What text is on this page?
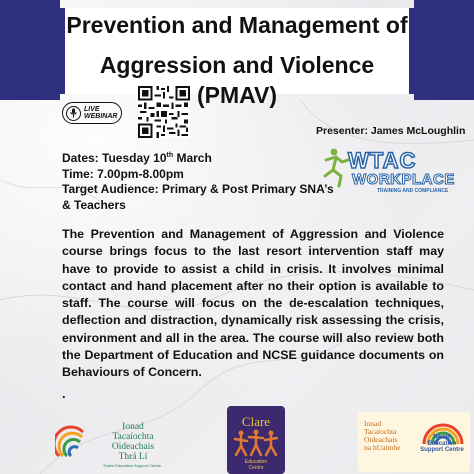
Prevention and Management of
Aggression and Violence (PMAV)
LIVE
WEBINAR
Presenter: James McLoughlin
Dates: Tuesday 10th March
Time: 7.00pm-8.00pm
Target Audience: Primary & Post Primary SNA’s
& Teachers
WTAC
WORKPLACE
TRAINING AND COMPLIANCE

The Prevention and Management of Aggression and Violence course brings focus to the last resort intervention staff may have to provide to assist a child in crisis. It involves minimal contact and hand placement after no their option is available to staff. The course will focus on the de-escalation techniques, deflection and distraction, dynamically risk assessing the crisis, environment and all in the area. The course will also review both the Department of Education and NCSE guidance documents on Behaviours of Concern.

.
Ionad
Tacaíochta
Oideachais
Thrá Lí
Tralee Education Support Centre
Clare
Education
Centre
Ionad
Tacaíochta
Oideachais
na hUaimhe
Navan
Education
Support Centre
